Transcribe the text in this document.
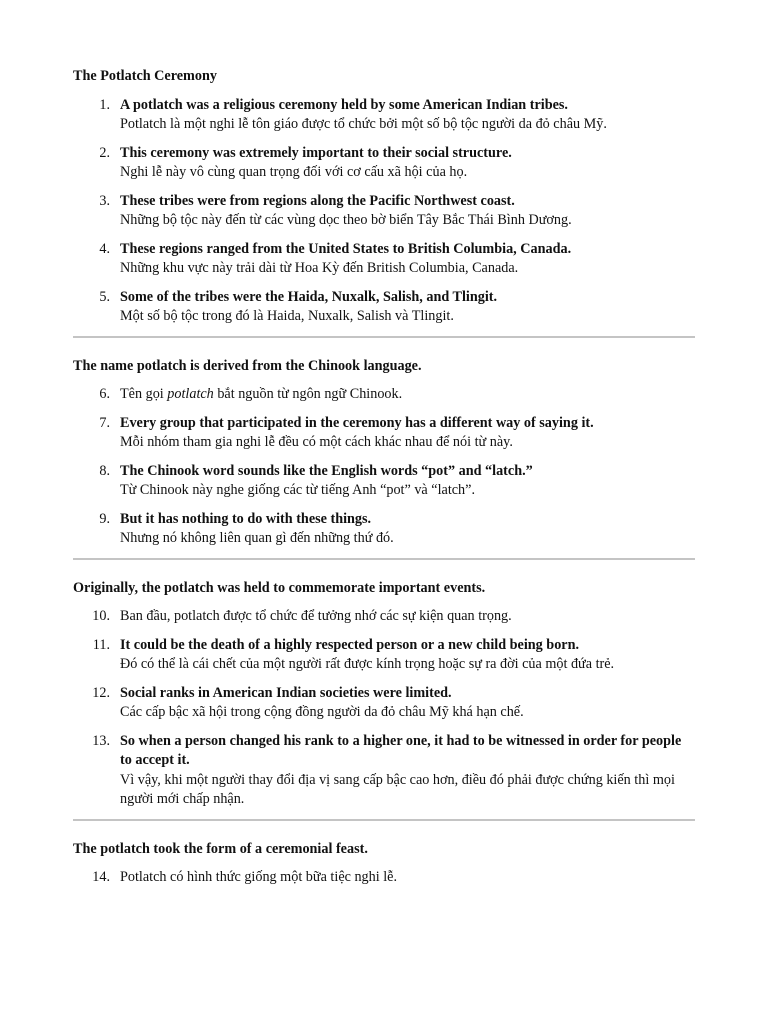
The Potlatch Ceremony

1. A potlatch was a religious ceremony held by some American Indian tribes.
Potlatch là một nghi lễ tôn giáo được tổ chức bởi một số bộ tộc người da đỏ châu Mỹ.
2. This ceremony was extremely important to their social structure.
Nghi lễ này vô cùng quan trọng đối với cơ cấu xã hội của họ.
3. These tribes were from regions along the Pacific Northwest coast.
Những bộ tộc này đến từ các vùng dọc theo bờ biển Tây Bắc Thái Bình Dương.
4. These regions ranged from the United States to British Columbia, Canada.
Những khu vực này trải dài từ Hoa Kỳ đến British Columbia, Canada.
5. Some of the tribes were the Haida, Nuxalk, Salish, and Tlingit.
Một số bộ tộc trong đó là Haida, Nuxalk, Salish và Tlingit.

The name potlatch is derived from the Chinook language.

6. Tên gọi potlatch bắt nguồn từ ngôn ngữ Chinook.
7. Every group that participated in the ceremony has a different way of saying it.
Mỗi nhóm tham gia nghi lễ đều có một cách khác nhau để nói từ này.
8. The Chinook word sounds like the English words “pot” and “latch.”
Từ Chinook này nghe giống các từ tiếng Anh “pot” và “latch”.
9. But it has nothing to do with these things.
Nhưng nó không liên quan gì đến những thứ đó.

Originally, the potlatch was held to commemorate important events.

10. Ban đầu, potlatch được tổ chức để tưởng nhớ các sự kiện quan trọng.
11. It could be the death of a highly respected person or a new child being born.
Đó có thể là cái chết của một người rất được kính trọng hoặc sự ra đời của một đứa trẻ.
12. Social ranks in American Indian societies were limited.
Các cấp bậc xã hội trong cộng đồng người da đỏ châu Mỹ khá hạn chế.
13. So when a person changed his rank to a higher one, it had to be witnessed in order for people to accept it.
Vì vậy, khi một người thay đổi địa vị sang cấp bậc cao hơn, điều đó phải được chứng kiến thì mọi người mới chấp nhận.

The potlatch took the form of a ceremonial feast.

14. Potlatch có hình thức giống một bữa tiệc nghi lễ.
